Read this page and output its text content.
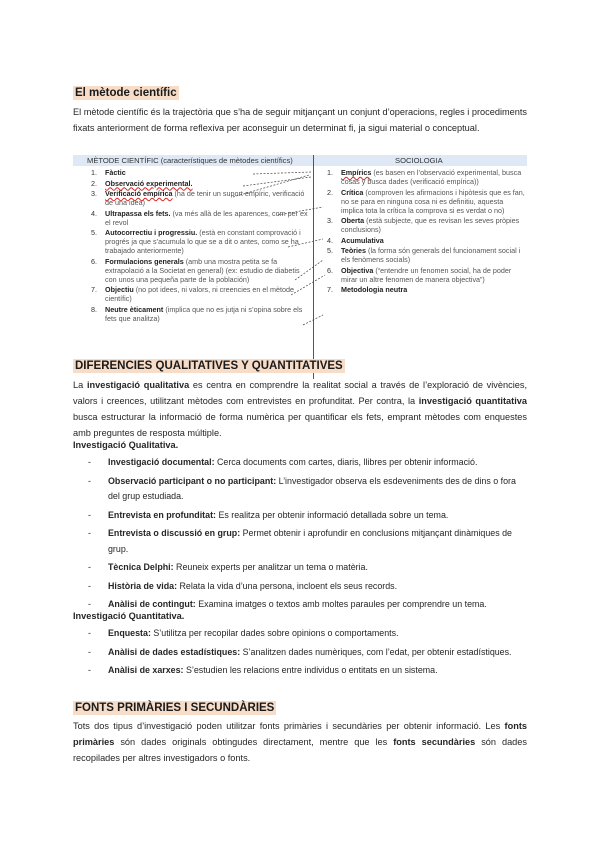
El mètode científic
El mètode científic és la trajectòria que s’ha de seguir mitjançant un conjunt d’operacions, regles i procediments fixats anteriorment de forma reflexiva per aconseguir un determinat fi, ja sigui material o conceptual.
MÈTODE CIENTÍFIC (característiques de mètodes científics)	SOCIOLOGIA
1. Fàctic
2. Observació experimental.
3. Verificació empírica (ha de tenir un suport empíric, verificació de una idea)
4. Ultrapassa els fets. (va més allà de les aparences, com per ex el revol
5. Autocorrectiu i progressiu. (està en constant comprovació i progrés ja que s’acumula lo que se a dit o antes, como se ha trabajado anteriormente)
6. Formulacions generals (amb una mostra petita se fa extrapolació a la Societat en general) (ex: estudio de diabetis con unos una pequeña parte de la población)
7. Objectiu (no pot idees, ni valors, ni creencies en el mètode científic)
8. Neutre èticament (implica que no es jutja ni s’opina sobre els fets que analitza)
1. Empírics (es basen en l’observació experimental, busca cosas y busca dades (verificació empírica))
2. Crítica (comproven les afirmacions i hipòtesis que es fan, no se para en ninguna cosa ni es definitiu, aquesta implica tota la crítica la comprova si es verdat o no)
3. Oberta (està subjecte, que es revisan les seves pròpies conclusions)
4. Acumulativa
5. Teòries (la forma són generals del funcionament social i els fenòmens socials)
6. Objectiva (“entendre un fenomen social, ha de poder mirar un altre fenomen de manera objectiva”)
7. Metodologia neutra
DIFERENCIES QUALITATIVES Y QUANTITATIVES
La investigació qualitativa es centra en comprendre la realitat social a través de l’exploració de vivències, valors i creences, utilitzant mètodes com entrevistes en profunditat. Per contra, la investigació quantitativa busca estructurar la informació de forma numèrica per quantificar els fets, emprant mètodes com enquestes amb preguntes de resposta múltiple.
Investigació Qualitativa.
- Investigació documental: Cerca documents com cartes, diaris, llibres per obtenir informació.
- Observació participant o no participant: L’investigador observa els esdeveniments des de dins o fora del grup estudiada.
- Entrevista en profunditat: Es realitza per obtenir informació detallada sobre un tema.
- Entrevista o discussió en grup: Permet obtenir i aprofundir en conclusions mitjançant dinàmiques de grup.
- Tècnica Delphi: Reuneix experts per analitzar un tema o matèria.
- Història de vida: Relata la vida d’una persona, incloent els seus records.
- Anàlisi de contingut: Examina imatges o textos amb moltes paraules per comprendre un tema.
Investigació Quantitativa.
- Enquesta: S’utilitza per recopilar dades sobre opinions o comportaments.
- Anàlisi de dades estadístiques: S’analitzen dades numèriques, com l’edat, per obtenir estadístiques.
- Anàlisi de xarxes: S’estudien les relacions entre individus o entitats en un sistema.
FONTS PRIMÀRIES I SECUNDÀRIES
Tots dos tipus d’investigació poden utilitzar fonts primàries i secundàries per obtenir informació. Les fonts primàries són dades originals obtingudes directament, mentre que les fonts secundàries són dades recopilades per altres investigadors o fonts.
